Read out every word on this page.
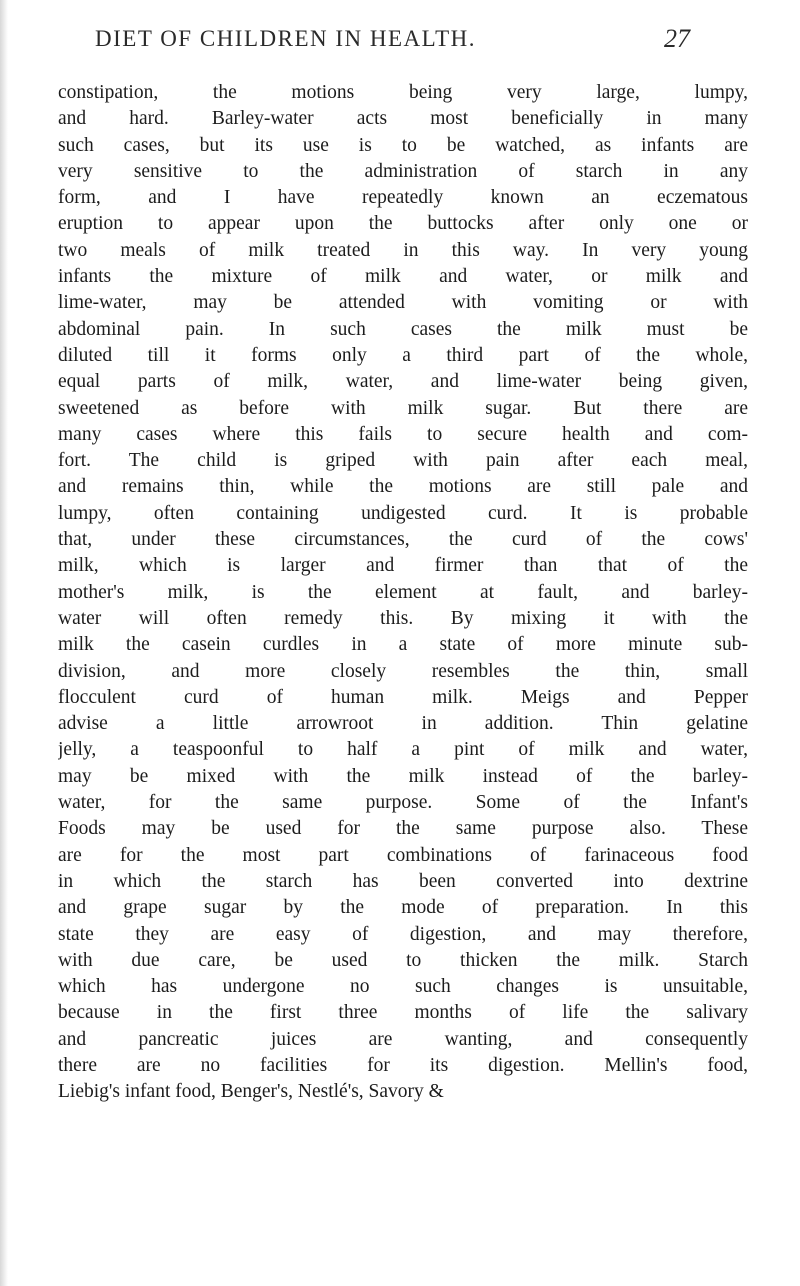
DIET OF CHILDREN IN HEALTH.	27
constipation, the motions being very large, lumpy,
and hard. Barley-water acts most beneficially in many
such cases, but its use is to be watched, as infants are
very sensitive to the administration of starch in any
form, and I have repeatedly known an eczematous
eruption to appear upon the buttocks after only one or
two meals of milk treated in this way. In very young
infants the mixture of milk and water, or milk and
lime-water, may be attended with vomiting or with
abdominal pain. In such cases the milk must be
diluted till it forms only a third part of the whole,
equal parts of milk, water, and lime-water being given,
sweetened as before with milk sugar. But there are
many cases where this fails to secure health and com-
fort. The child is griped with pain after each meal,
and remains thin, while the motions are still pale and
lumpy, often containing undigested curd. It is probable
that, under these circumstances, the curd of the cows'
milk, which is larger and firmer than that of the
mother's milk, is the element at fault, and barley-
water will often remedy this. By mixing it with the
milk the casein curdles in a state of more minute sub-
division, and more closely resembles the thin, small
flocculent curd of human milk. Meigs and Pepper
advise a little arrowroot in addition. Thin gelatine
jelly, a teaspoonful to half a pint of milk and water,
may be mixed with the milk instead of the barley-
water, for the same purpose. Some of the Infant's
Foods may be used for the same purpose also. These
are for the most part combinations of farinaceous food
in which the starch has been converted into dextrine
and grape sugar by the mode of preparation. In this
state they are easy of digestion, and may therefore,
with due care, be used to thicken the milk. Starch
which has undergone no such changes is unsuitable,
because in the first three months of life the salivary
and pancreatic juices are wanting, and consequently
there are no facilities for its digestion. Mellin's food,
Liebig's infant food, Benger's, Nestlé's, Savory &
